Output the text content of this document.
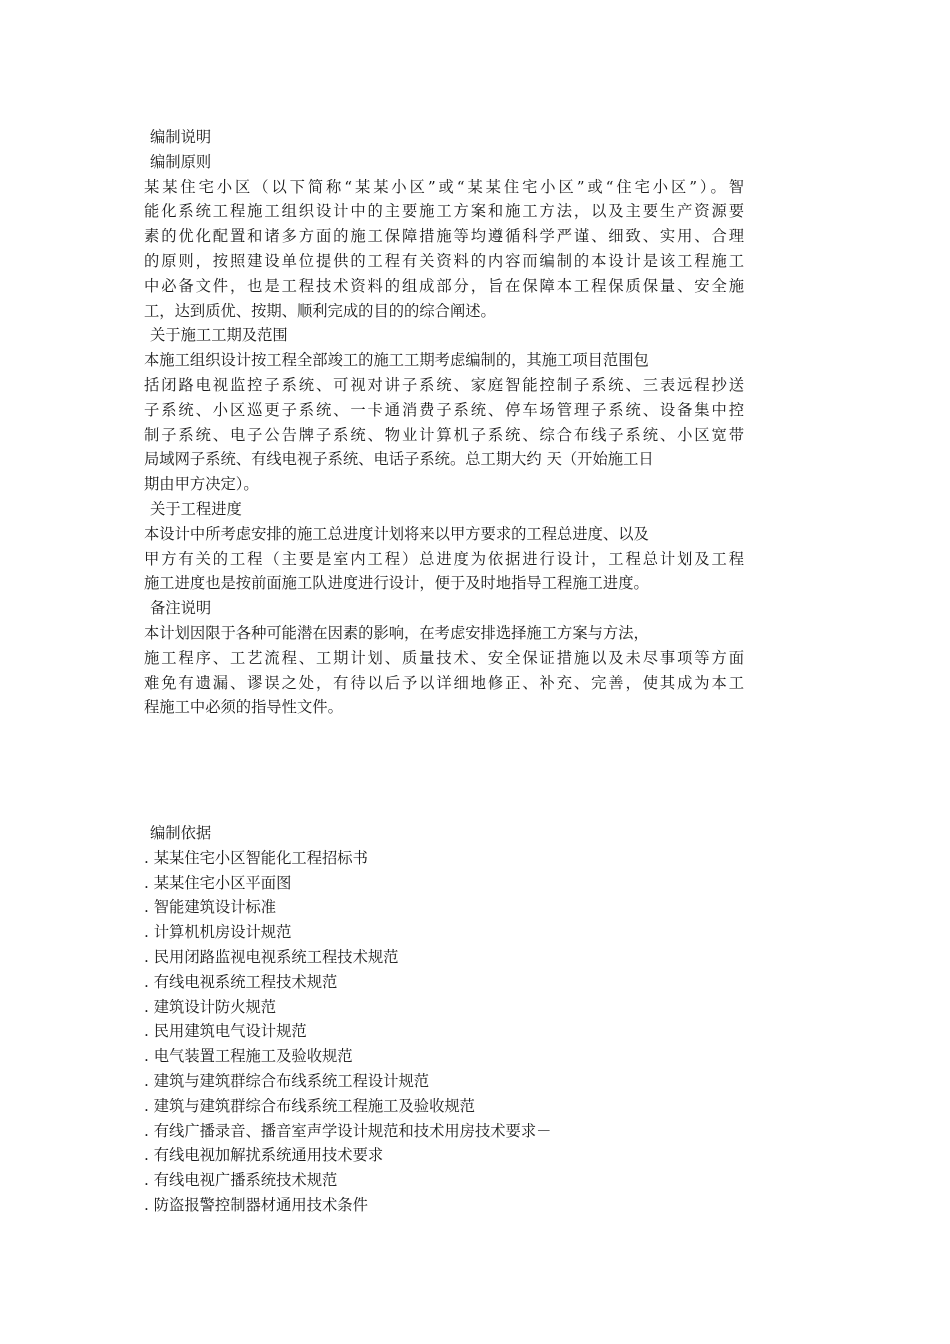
编制说明
编制原则
某某住宅小区（以下简称“某某小区”或“某某住宅小区”或“住宅小区”）。智
能化系统工程施工组织设计中的主要施工方案和施工方法，以及主要生产资源要
素的优化配置和诸多方面的施工保障措施等均遵循科学严谨、细致、实用、合理
的原则，按照建设单位提供的工程有关资料的内容而编制的本设计是该工程施工
中必备文件，也是工程技术资料的组成部分，旨在保障本工程保质保量、安全施
工，达到质优、按期、顺利完成的目的的综合阐述。
关于施工工期及范围
本施工组织设计按工程全部竣工的施工工期考虑编制的，其施工项目范围包
括闭路电视监控子系统、可视对讲子系统、家庭智能控制子系统、三表远程抄送
子系统、小区巡更子系统、一卡通消费子系统、停车场管理子系统、设备集中控
制子系统、电子公告牌子系统、物业计算机子系统、综合布线子系统、小区宽带
局域网子系统、有线电视子系统、电话子系统。总工期大约 天（开始施工日
期由甲方决定）。
关于工程进度
本设计中所考虑安排的施工总进度计划将来以甲方要求的工程总进度、以及
甲方有关的工程（主要是室内工程）总进度为依据进行设计，工程总计划及工程
施工进度也是按前面施工队进度进行设计，便于及时地指导工程施工进度。
备注说明
本计划因限于各种可能潜在因素的影响，在考虑安排选择施工方案与方法，
施工程序、工艺流程、工期计划、质量技术、安全保证措施以及未尽事项等方面
难免有遗漏、谬误之处，有待以后予以详细地修正、补充、完善，使其成为本工
程施工中必须的指导性文件。
编制依据
. 某某住宅小区智能化工程招标书
. 某某住宅小区平面图
. 智能建筑设计标准
. 计算机机房设计规范
. 民用闭路监视电视系统工程技术规范
. 有线电视系统工程技术规范
. 建筑设计防火规范
. 民用建筑电气设计规范
. 电气装置工程施工及验收规范
. 建筑与建筑群综合布线系统工程设计规范
. 建筑与建筑群综合布线系统工程施工及验收规范
. 有线广播录音、播音室声学设计规范和技术用房技术要求－
. 有线电视加解扰系统通用技术要求
. 有线电视广播系统技术规范
. 防盗报警控制器材通用技术条件
